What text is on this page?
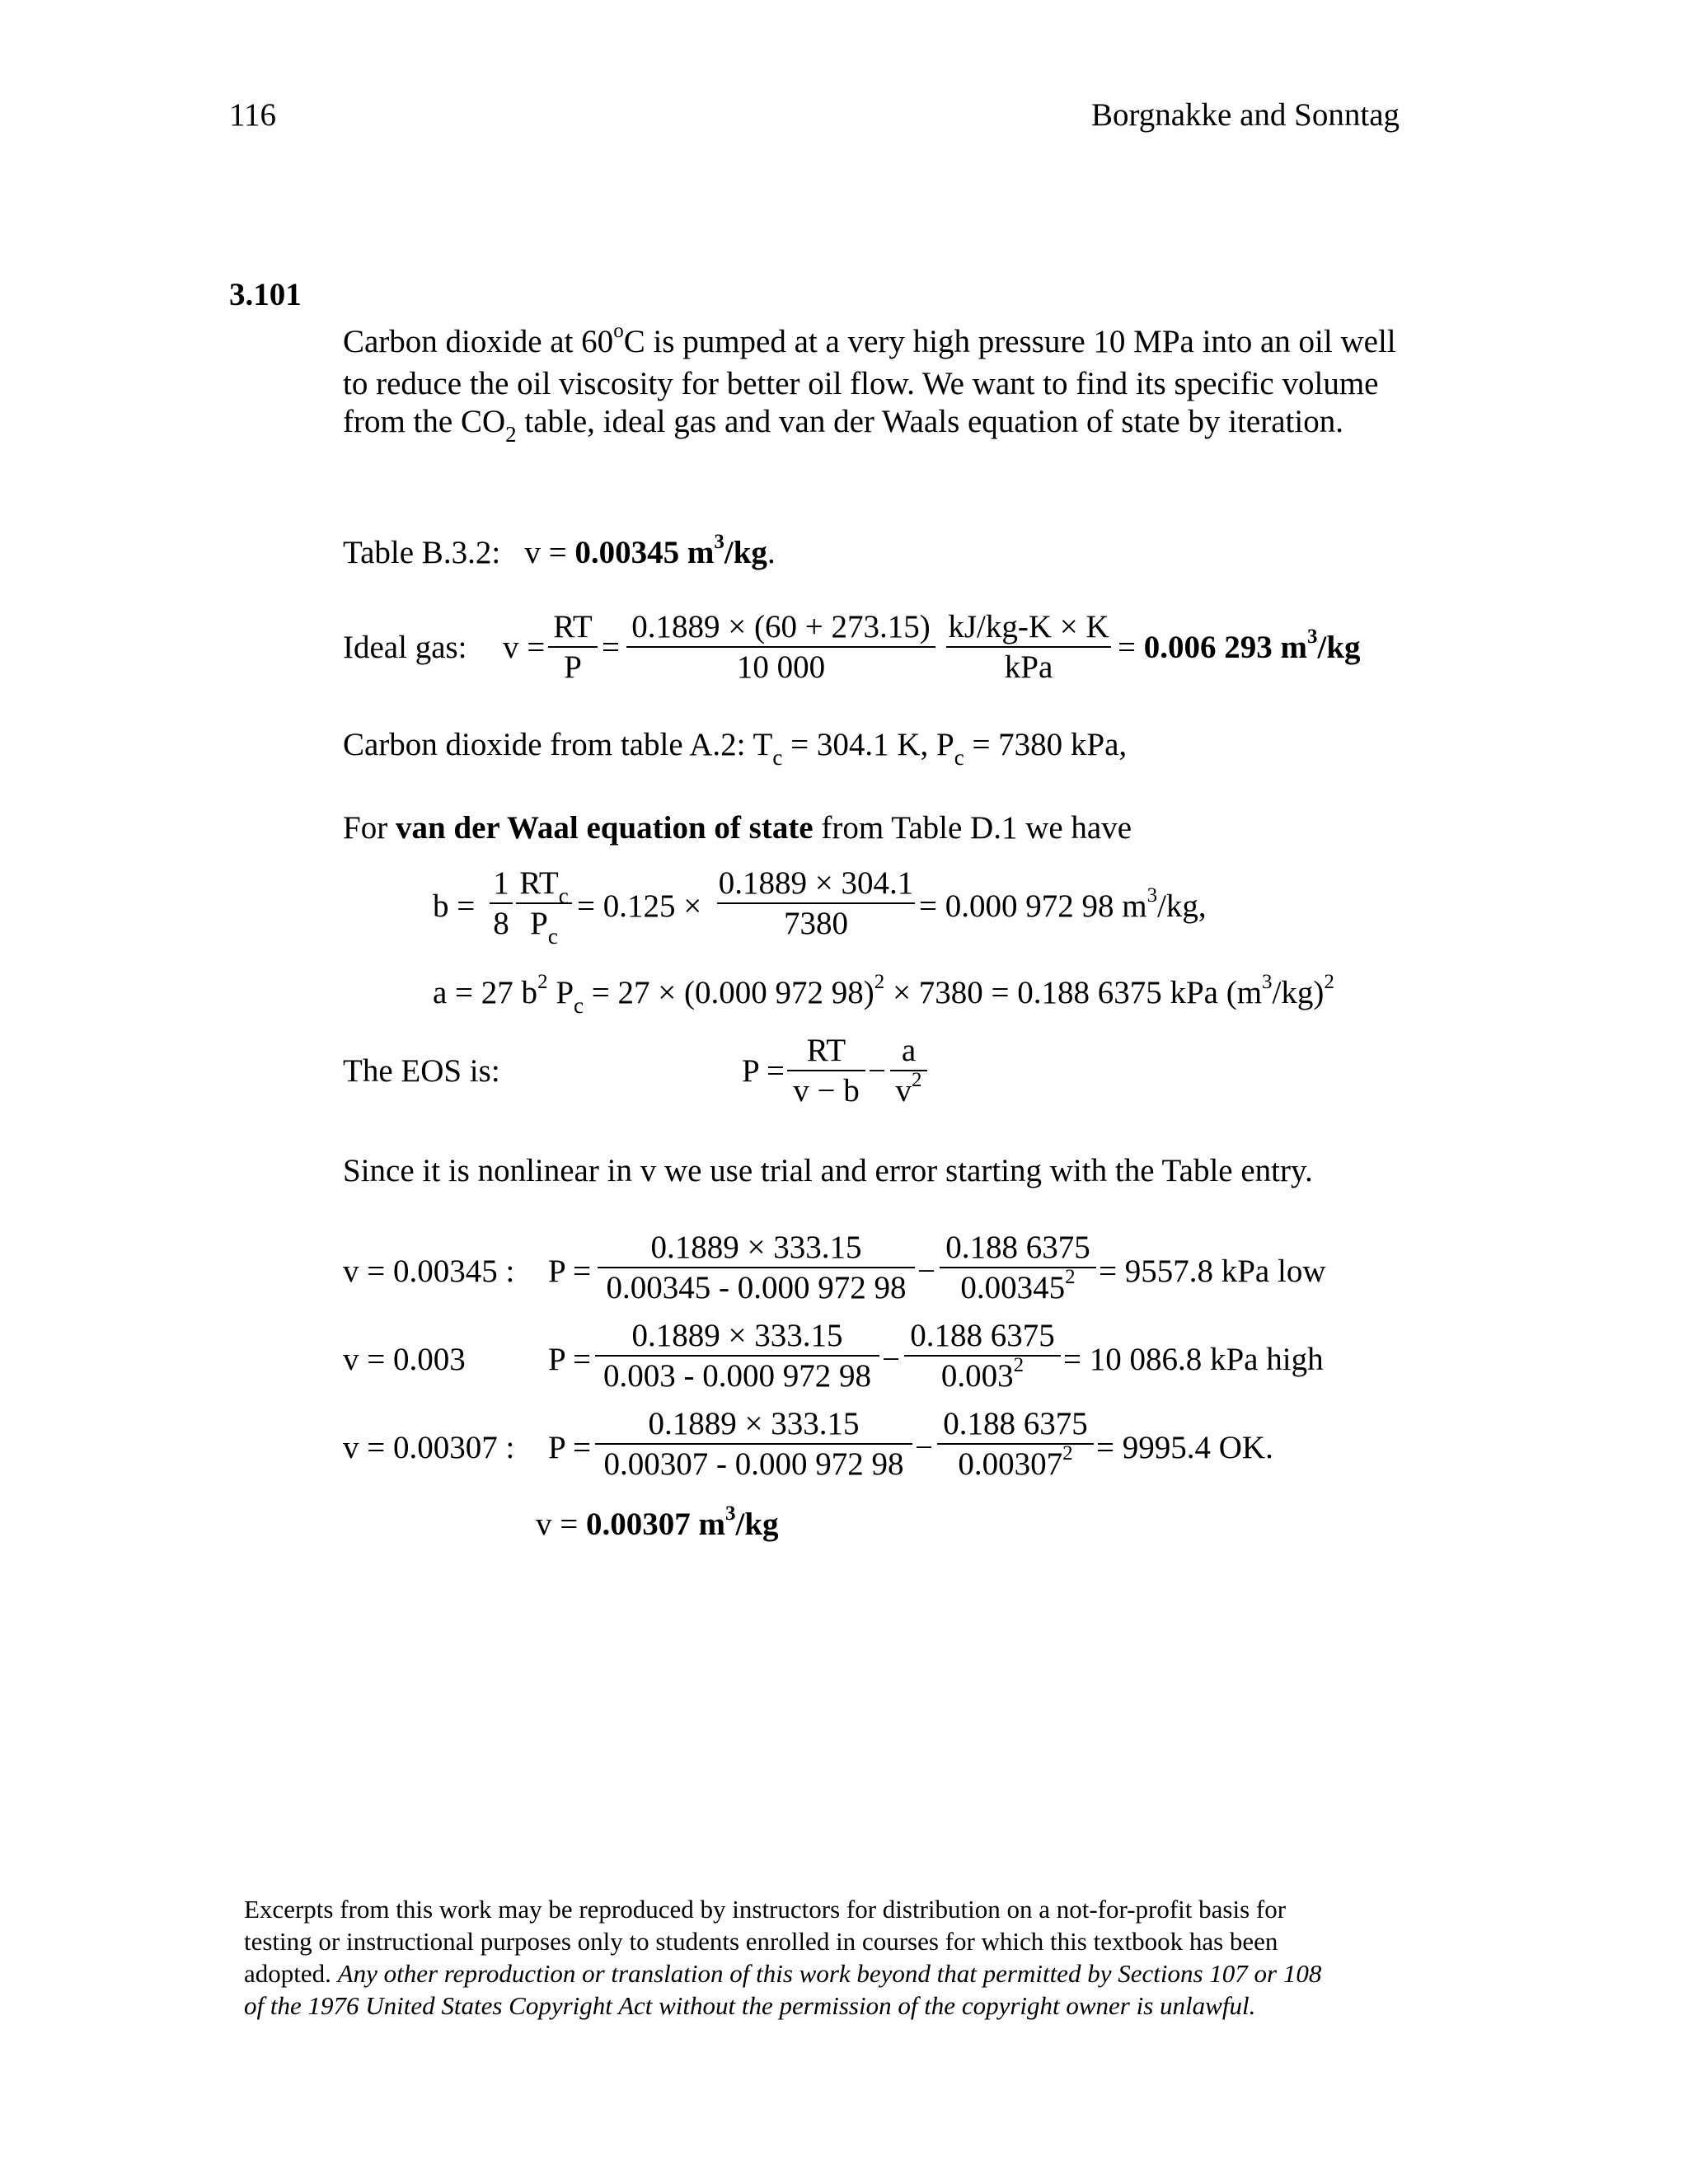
116	Borgnakke and Sonntag
3.101
Carbon dioxide at 60$^o$C is pumped at a very high pressure 10 MPa into an oil well
to reduce the oil viscosity for better oil flow. We want to find its specific volume
from the $CO_2$ table, ideal gas and van der Waals equation of state by iteration.
Table B.3.2: v = 0.00345 $m^3/kg$.
Ideal gas: $v = \frac{RT}{P} = \frac{0.1889 \times (60 + 273.15)}{10 000} kJ/kg-K \times K$
kPa
= 0.006 293 $m^3/kg$
Carbon dioxide from table A.2: $T_c = 304.1$ K, $P_c = 7380$ kPa,
For van der Waal equation of state from Table D.1 we have
$b = \frac{1}{8} RT_c$
$P_c$
= $0.125 \times \frac{0.1889 \times 304.1}{7380} = 0.000$ 972 98 $m^3/kg$,
a = 27 $b^2$ $P_c = 27 \times (0.000$ 972 98)$^2$ × 7380 = 0.188 6375 kPa $(m^3/kg)^2$
The EOS is:	$P = \frac{RT}{v - b} - \frac{a}{v^2}$
Since it is nonlinear in v we use trial and error starting with the Table entry.
v = 0.00345 : $P = \frac{0.1889 \times 333.15}{0.00345 - 0.000 972 98} - \frac{0.188 6375}{0.00345^2} = 9557.8$ kPa low
v = 0.003	$P = \frac{0.1889 \times 333.15}{0.003 - 0.000 972 98} - \frac{0.188 6375}{0.003^2} = 10$ 086.8 kPa high
v = 0.00307 : $P = \frac{0.1889 \times 333.15}{0.00307 - 0.000 972 98} - \frac{0.188 6375}{0.00307^2} = 9995.4$ OK.
v = 0.00307 $m^3/kg$
Excerpts from this work may be reproduced by instructors for distribution on a not-for-profit basis for
testing or instructional purposes only to students enrolled in courses for which this textbook has been
adopted. Any other reproduction or translation of this work beyond that permitted by Sections 107 or 108
of the 1976 United States Copyright Act without the permission of the copyright owner is unlawful.
